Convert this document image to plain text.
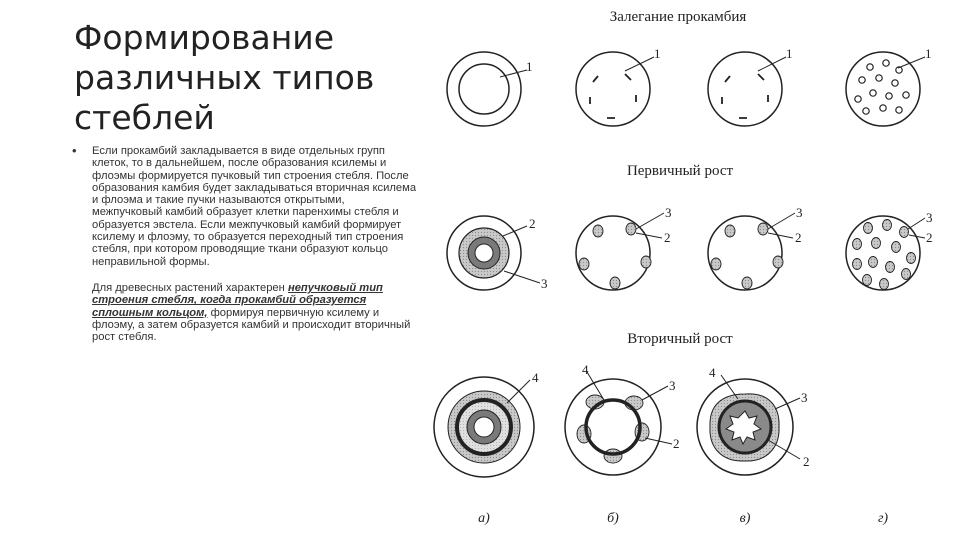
Формирование различных типов стеблей
•	Если прокамбий закладывается в виде отдельных групп клеток, то в дальнейшем, после образования ксилемы и флоэмы формируется пучковый тип строения стебля. После образования камбия будет закладываться вторичная ксилема и флоэма и такие пучки называются открытыми, межпучковый камбий образует клетки паренхимы стебля и образуется эвстела. Если межпучковый камбий формирует ксилему и флоэму, то образуется переходный тип строения стебля, при котором проводящие ткани образуют кольцо неправильной формы.
Для древесных растений характерен непучковый тип строения стебля, когда прокамбий образуется сплошным кольцом, формируя первичную ксилему и флоэму, а затем образуется камбий и происходит вторичный рост стебля.
Залегание прокамбия
Первичный рост
Вторичный рост
1
1	1	1
2
3
3
2
3
2
3
2
4
4
3
2
4
3
2
а)	б)	в)	г)
